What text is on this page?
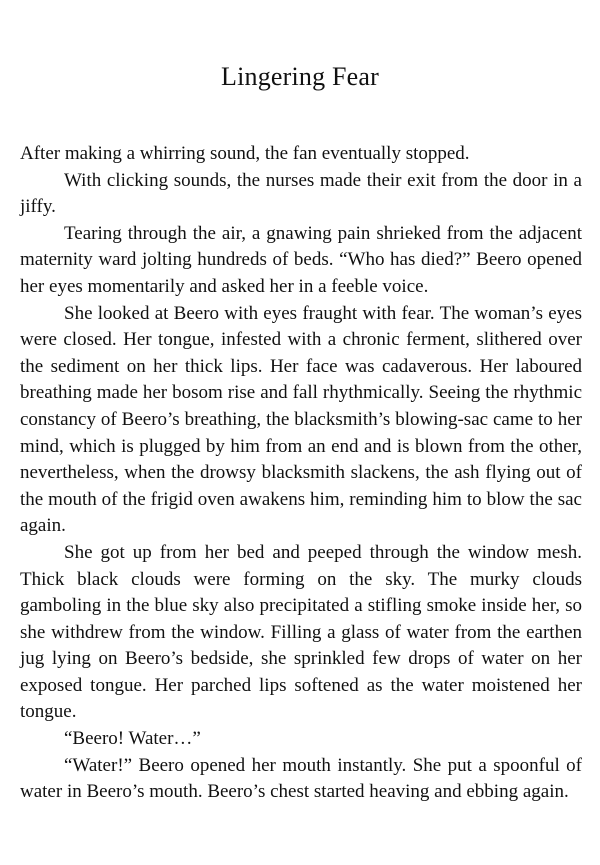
Lingering Fear

After making a whirring sound, the fan eventually stopped.

With clicking sounds, the nurses made their exit from the door in a jiffy.

Tearing through the air, a gnawing pain shrieked from the adjacent maternity ward jolting hundreds of beds. “Who has died?” Beero opened her eyes momentarily and asked her in a feeble voice.

She looked at Beero with eyes fraught with fear. The woman’s eyes were closed. Her tongue, infested with a chronic ferment, slithered over the sediment on her thick lips. Her face was cadaverous. Her laboured breathing made her bosom rise and fall rhythmically. Seeing the rhythmic constancy of Beero’s breathing, the blacksmith’s blowing-sac came to her mind, which is plugged by him from an end and is blown from the other, nevertheless, when the drowsy blacksmith slackens, the ash flying out of the mouth of the frigid oven awakens him, reminding him to blow the sac again.

She got up from her bed and peeped through the window mesh. Thick black clouds were forming on the sky. The murky clouds gamboling in the blue sky also precipitated a stifling smoke inside her, so she withdrew from the window. Filling a glass of water from the earthen jug lying on Beero’s bedside, she sprinkled few drops of water on her exposed tongue. Her parched lips softened as the water moistened her tongue.

“Beero! Water…”

“Water!” Beero opened her mouth instantly. She put a spoonful of water in Beero’s mouth. Beero’s chest started heaving and ebbing again.
